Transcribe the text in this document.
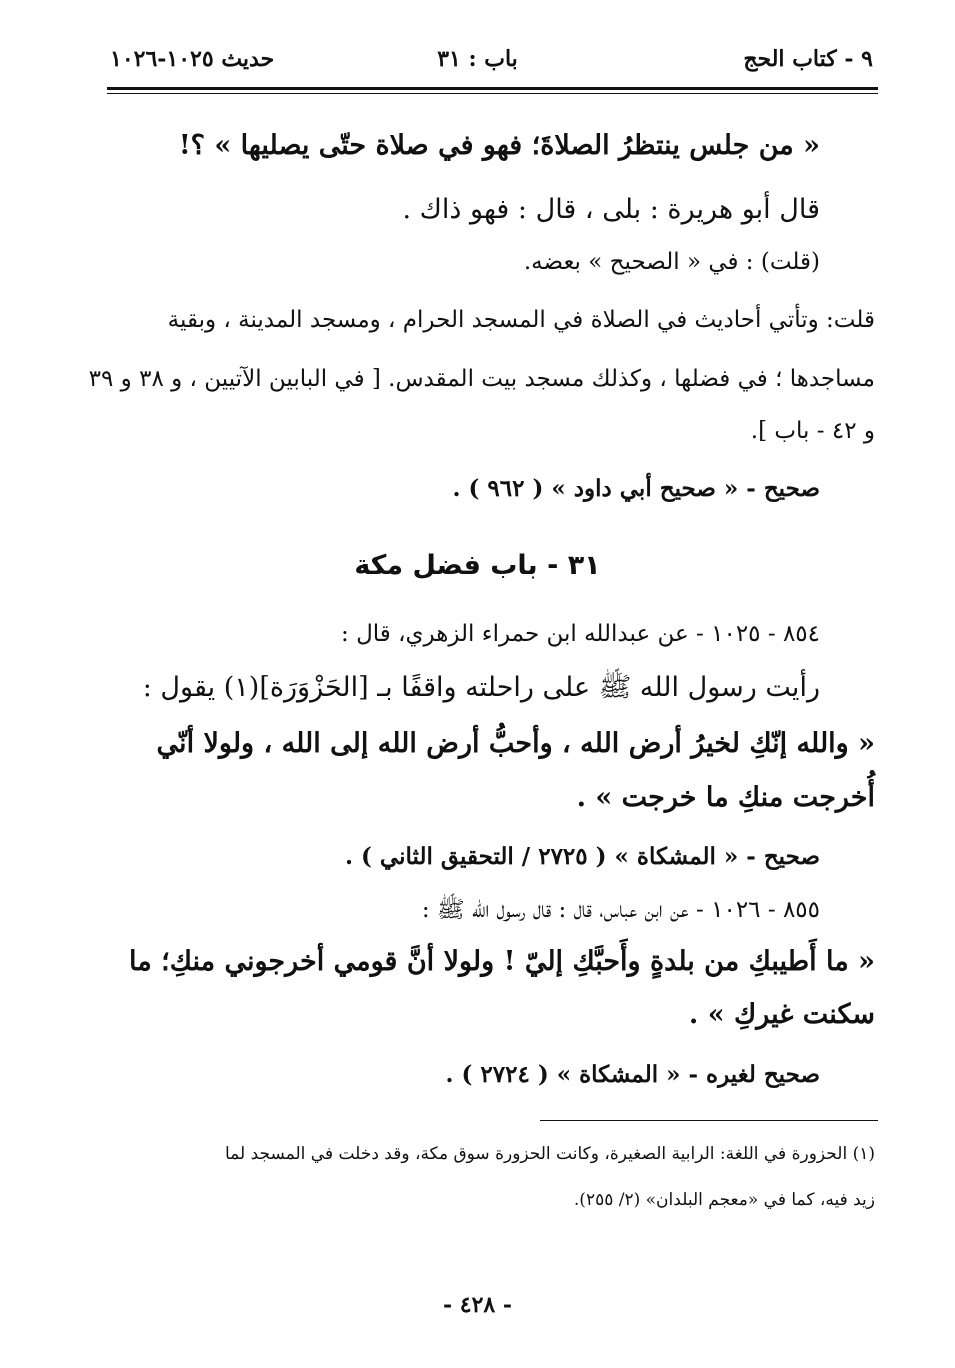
٩ - كتاب الحج
باب : ٣١
حديث ١٠٢٥-١٠٢٦
« من جلس ينتظرُ الصلاةَ؛ فهو في صلاة حتّى يصليها » ؟!
قال أبو هريرة : بلى ، قال : فهو ذاك .
(قلت) : في « الصحيح » بعضه.
قلت: وتأتي أحاديث في الصلاة في المسجد الحرام ، ومسجد المدينة ، وبقية
مساجدها ؛ في فضلها ، وكذلك مسجد بيت المقدس. [ في البابين الآتيين ، و ٣٨ و ٣٩
و ٤٢ - باب ].
صحيح - « صحيح أبي داود » ( ٩٦٢ ) .
٣١ - باب فضل مكة
٨٥٤ - ١٠٢٥ - عن عبدالله ابن حمراء الزهري، قال :
رأيت رسول الله ﷺ على راحلته واقفًا بـ [الحَزْوَرَة](١) يقول :
« والله إنّكِ لخيرُ أرض الله ، وأحبُّ أرض الله إلى الله ، ولولا أنّي
أُخرجت منكِ ما خرجت » .
صحيح - « المشكاة » ( ٢٧٢٥ / التحقيق الثاني ) .
٨٥٥ - ١٠٢٦ - عن ابن عباس، قال : قال رسول الله ﷺ :
« ما أَطيبكِ من بلدةٍ وأَحبَّكِ إليّ ! ولولا أنَّ قومي أخرجوني منكِ؛ ما
سكنت غيركِ » .
صحيح لغيره - « المشكاة » ( ٢٧٢٤ ) .
(١) الحزورة في اللغة: الرابية الصغيرة، وكانت الحزورة سوق مكة، وقد دخلت في المسجد لما
زيد فيه، كما في «معجم البلدان» (٢/ ٢٥٥).
- ٤٢٨ -
